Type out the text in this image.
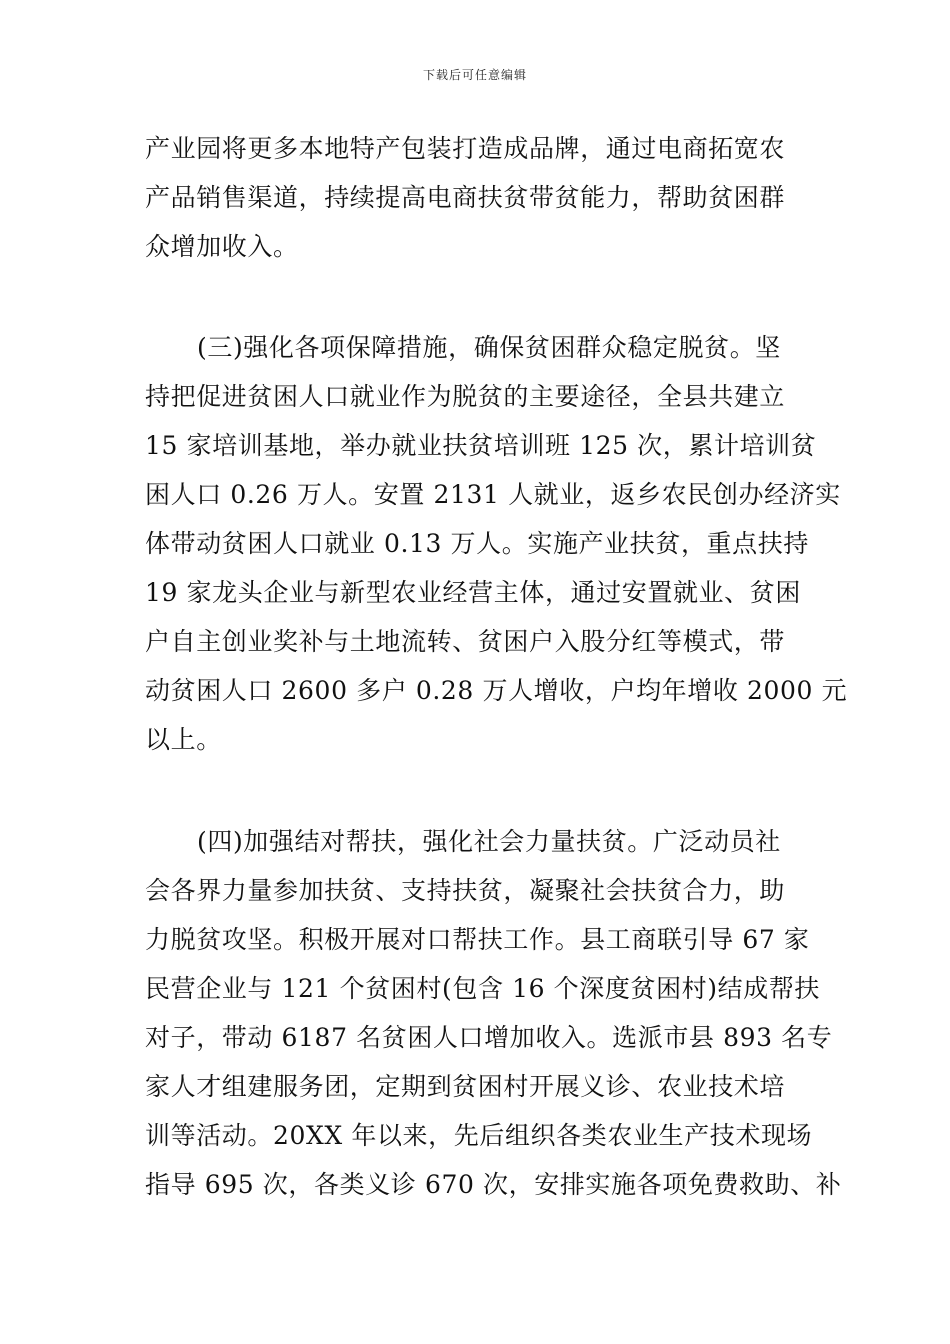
下载后可任意编辑
产业园将更多本地特产包装打造成品牌，通过电商拓宽农
产品销售渠道，持续提高电商扶贫带贫能力，帮助贫困群
众增加收入。
(三)强化各项保障措施，确保贫困群众稳定脱贫。坚
持把促进贫困人口就业作为脱贫的主要途径，全县共建立
15 家培训基地，举办就业扶贫培训班 125 次，累计培训贫
困人口 0.26 万人。安置 2131 人就业，返乡农民创办经济实
体带动贫困人口就业 0.13 万人。实施产业扶贫，重点扶持
19 家龙头企业与新型农业经营主体，通过安置就业、贫困
户自主创业奖补与土地流转、贫困户入股分红等模式，带
动贫困人口 2600 多户 0.28 万人增收，户均年增收 2000 元
以上。
(四)加强结对帮扶，强化社会力量扶贫。广泛动员社
会各界力量参加扶贫、支持扶贫，凝聚社会扶贫合力，助
力脱贫攻坚。积极开展对口帮扶工作。县工商联引导 67 家
民营企业与 121 个贫困村(包含 16 个深度贫困村)结成帮扶
对子，带动 6187 名贫困人口增加收入。选派市县 893 名专
家人才组建服务团，定期到贫困村开展义诊、农业技术培
训等活动。20XX 年以来，先后组织各类农业生产技术现场
指导 695 次，各类义诊 670 次，安排实施各项免费救助、补
